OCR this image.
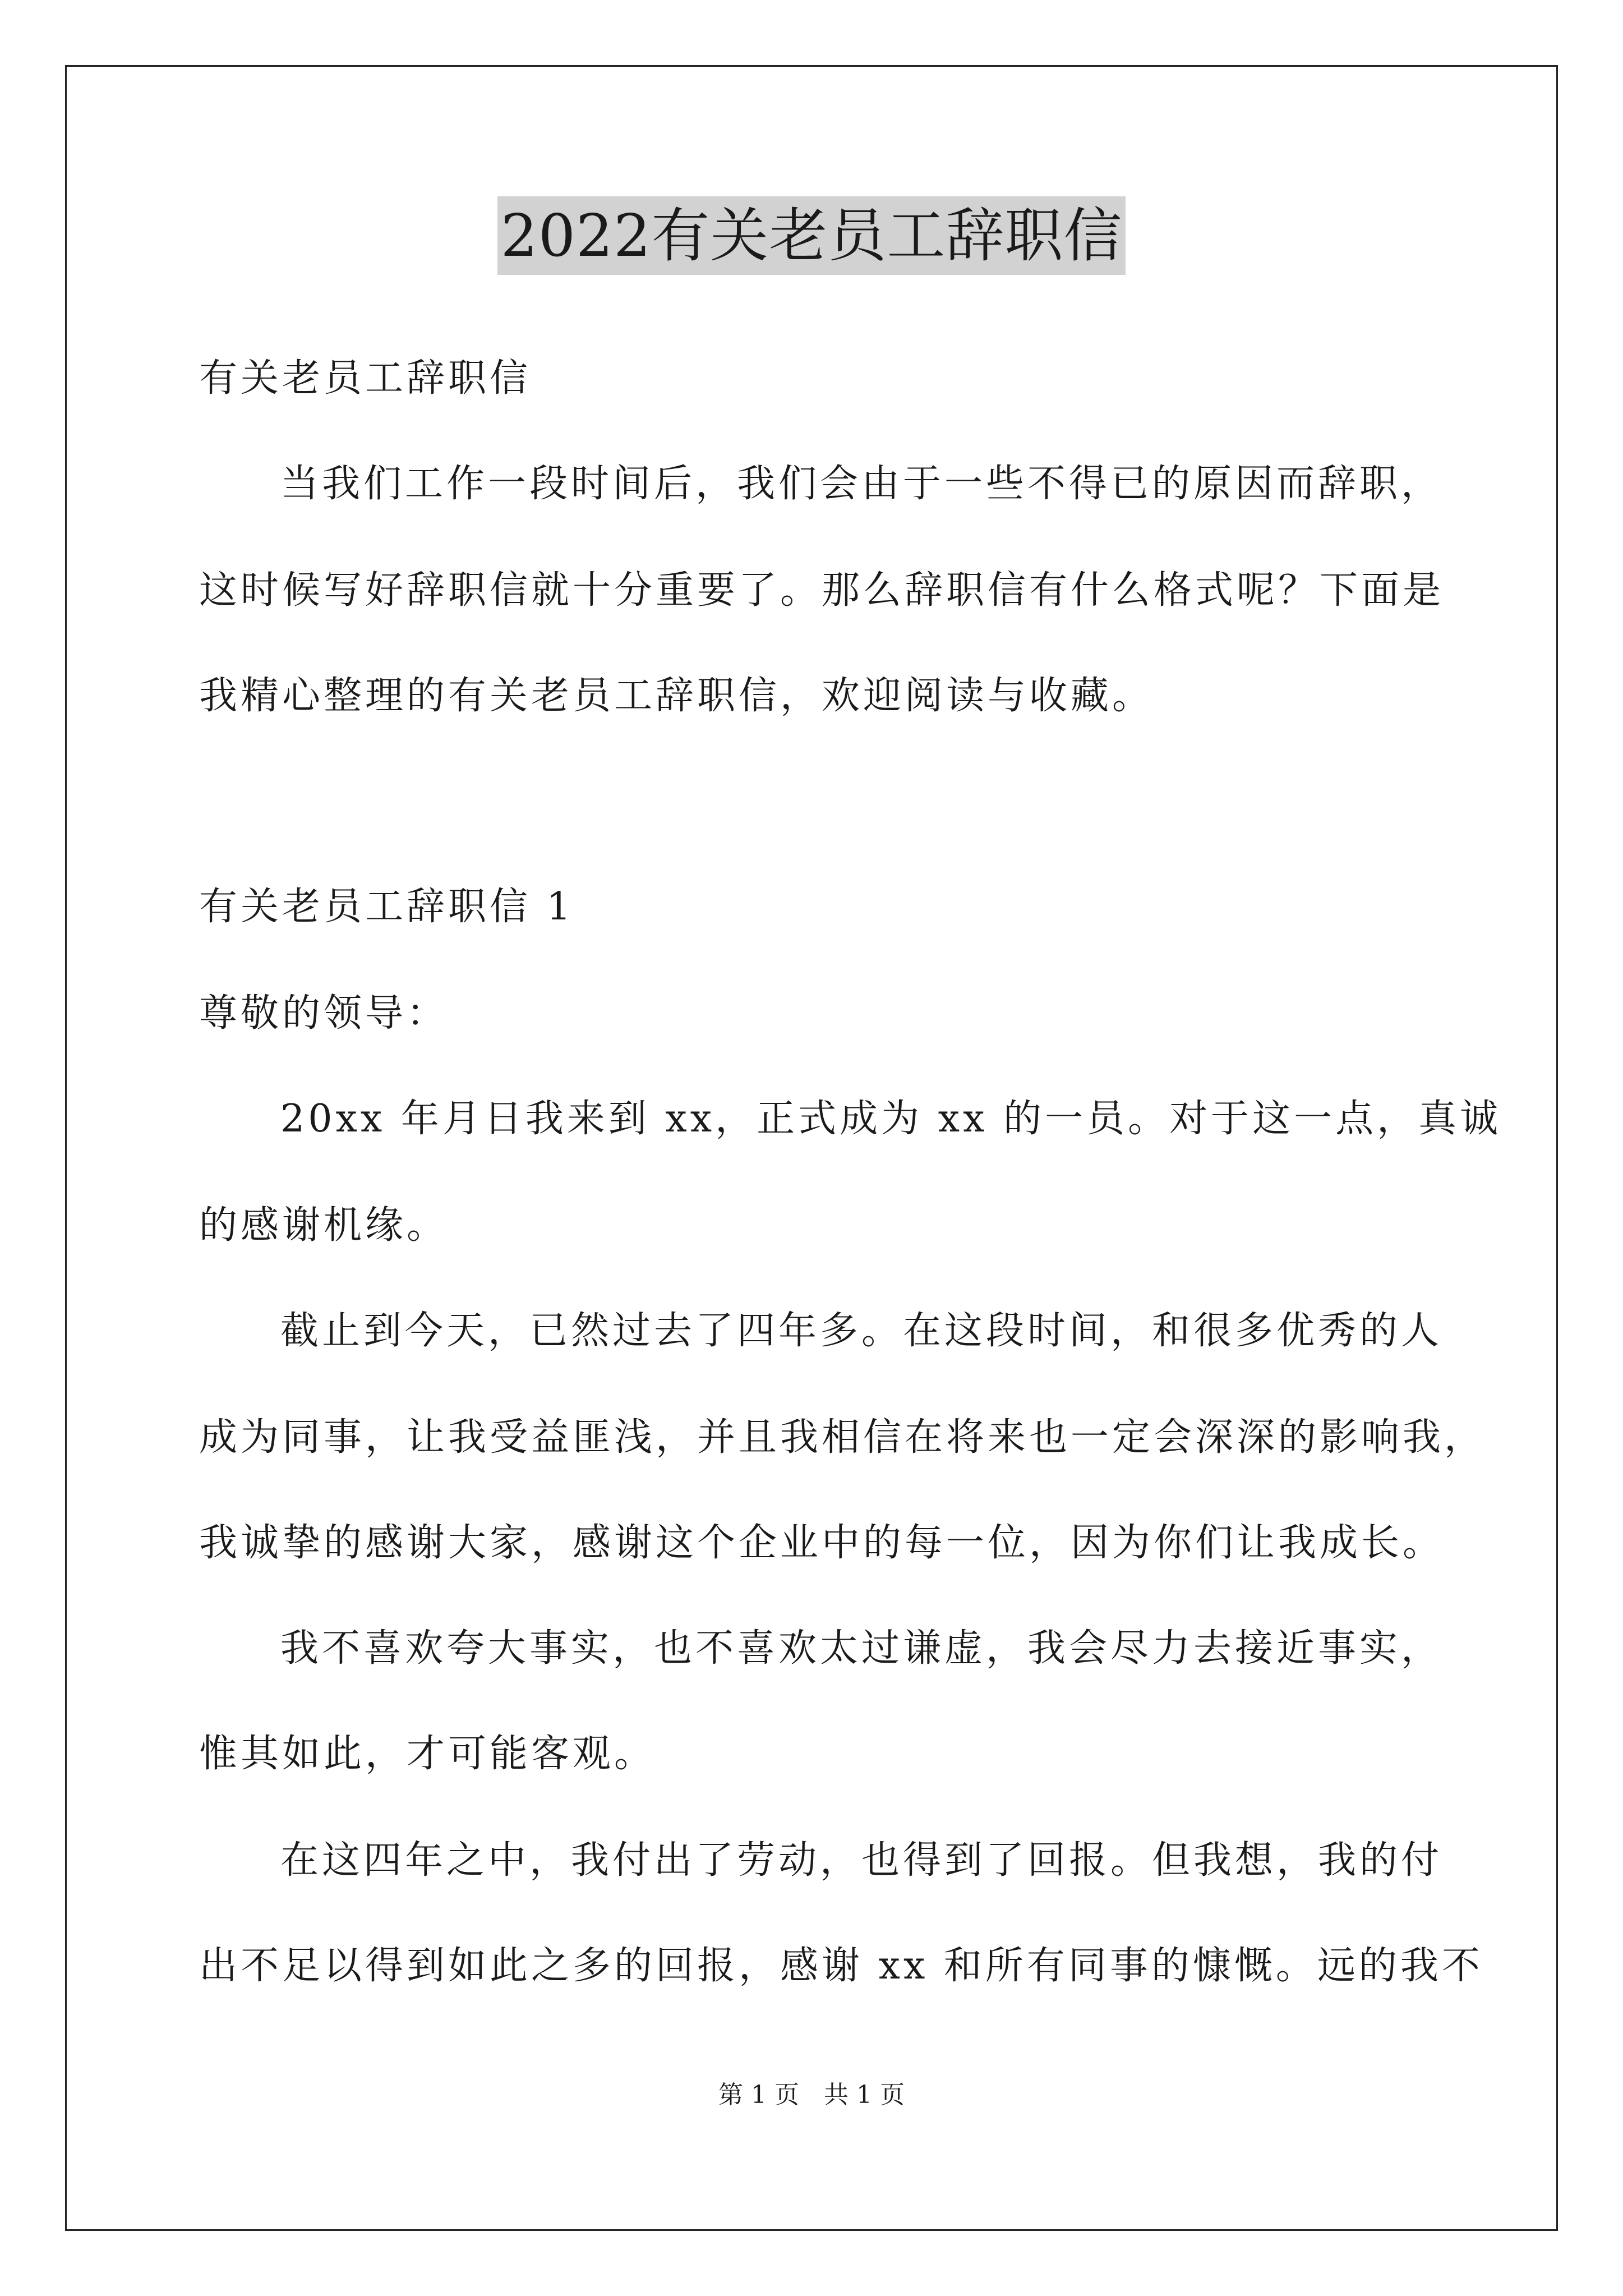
2022有关老员工辞职信
有关老员工辞职信
当我们工作一段时间后，我们会由于一些不得已的原因而辞职，
这时候写好辞职信就十分重要了。那么辞职信有什么格式呢？下面是
我精心整理的有关老员工辞职信，欢迎阅读与收藏。
有关老员工辞职信 1
尊敬的领导：
20xx 年月日我来到 xx，正式成为 xx 的一员。对于这一点，真诚
的感谢机缘。
截止到今天，已然过去了四年多。在这段时间，和很多优秀的人
成为同事，让我受益匪浅，并且我相信在将来也一定会深深的影响我，
我诚挚的感谢大家，感谢这个企业中的每一位，因为你们让我成长。
我不喜欢夸大事实，也不喜欢太过谦虚，我会尽力去接近事实，
惟其如此，才可能客观。
在这四年之中，我付出了劳动，也得到了回报。但我想，我的付
出不足以得到如此之多的回报，感谢 xx 和所有同事的慷慨。远的我不
第 1 页　共 1 页
